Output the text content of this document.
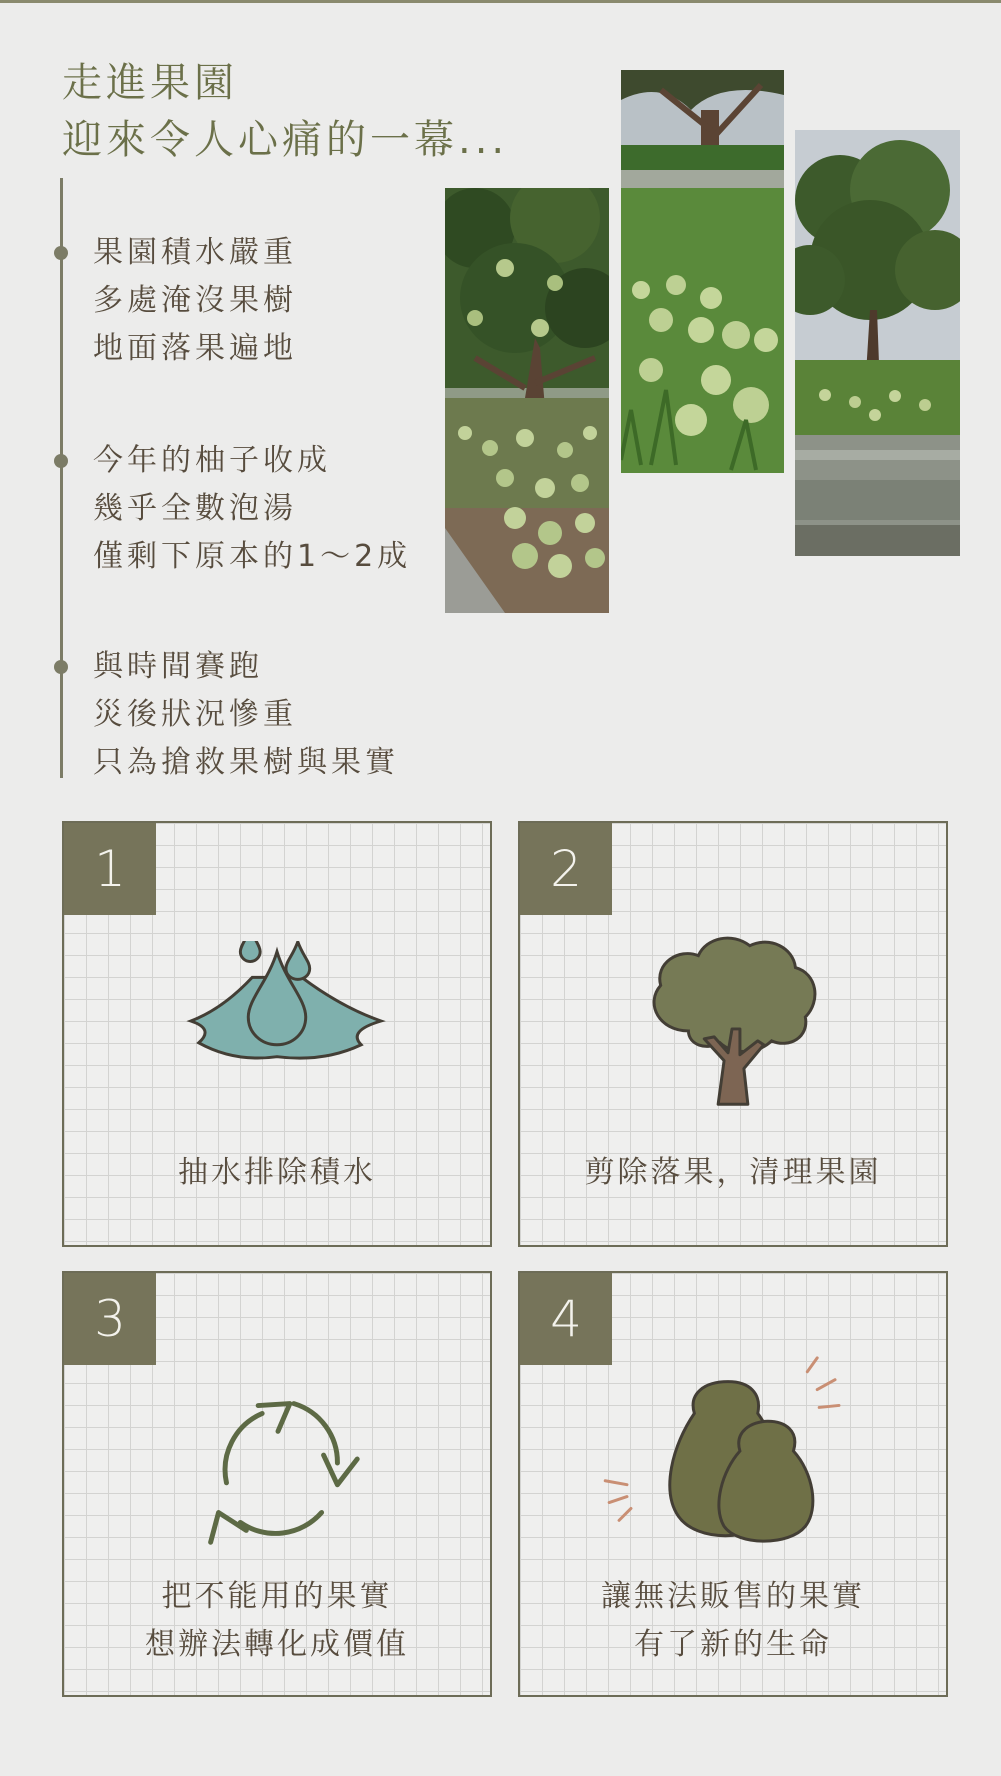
走進果園
迎來令人心痛的一幕...
果園積水嚴重
多處淹沒果樹
地面落果遍地
今年的柚子收成
幾乎全數泡湯
僅剩下原本的1～2成
與時間賽跑
災後狀況慘重
只為搶救果樹與果實
1
抽水排除積水
2
剪除落果，清理果園
3
把不能用的果實
想辦法轉化成價值
4
讓無法販售的果實
有了新的生命
